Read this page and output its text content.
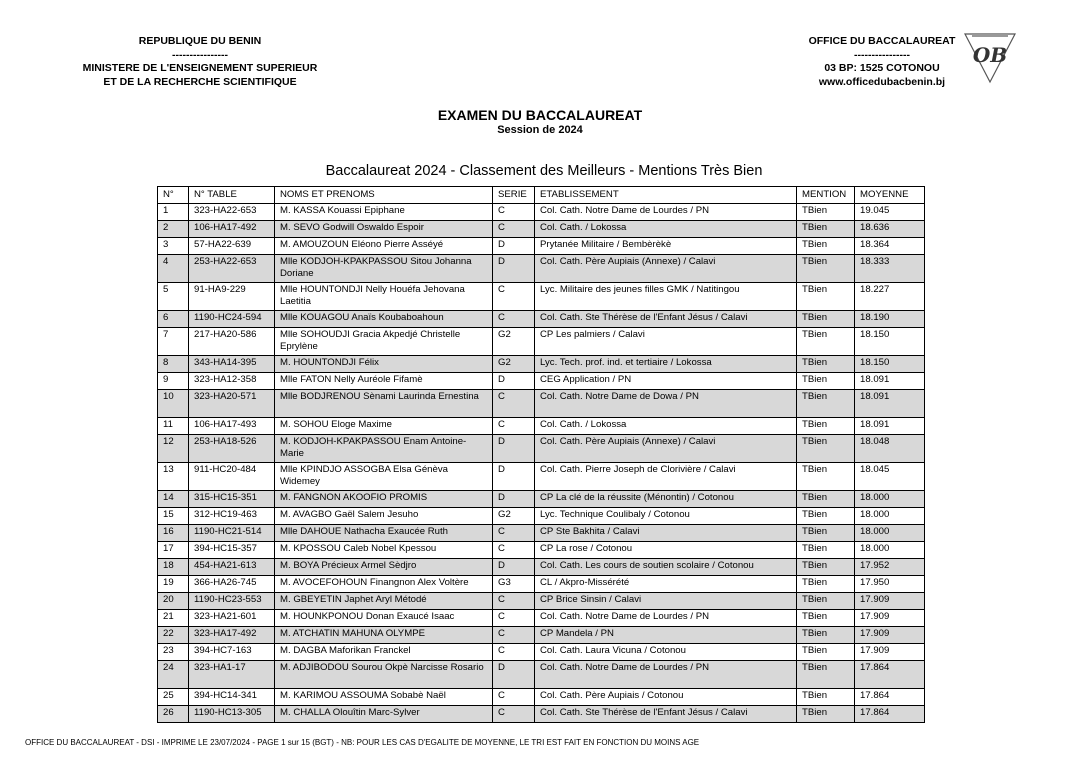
REPUBLIQUE DU BENIN
----------------
MINISTERE DE L'ENSEIGNEMENT SUPERIEUR
ET DE LA RECHERCHE SCIENTIFIQUE
OFFICE DU BACCALAUREAT
----------------
03 BP: 1525 COTONOU
www.officedubacbenin.bj
OB
EXAMEN DU BACCALAUREAT
Session de 2024
Baccalaureat 2024 - Classement des Meilleurs - Mentions Très Bien
N°	N° TABLE	NOMS ET PRENOMS	SERIE	ETABLISSEMENT	MENTION	MOYENNE
1	323-HA22-653	M. KASSA Kouassi Epiphane	C	Col. Cath. Notre Dame de Lourdes / PN	TBien	19.045
2	106-HA17-492	M. SEVO Godwill Oswaldo Espoir	C	Col. Cath. / Lokossa	TBien	18.636
3	57-HA22-639	M. AMOUZOUN Eléono Pierre Asséyé	D	Prytanée Militaire / Bembèrèkè	TBien	18.364
4	253-HA22-653	Mlle KODJOH-KPAKPASSOU Sitou Johanna Doriane	D	Col. Cath. Père Aupiais (Annexe) / Calavi	TBien	18.333
5	91-HA9-229	Mlle HOUNTONDJI Nelly Houéfa Jehovana Laetitia	C	Lyc. Militaire des jeunes filles GMK / Natitingou	TBien	18.227
6	1190-HC24-594	Mlle KOUAGOU Anaïs Koubaboahoun	C	Col. Cath. Ste Thérèse de l'Enfant Jésus / Calavi	TBien	18.190
7	217-HA20-586	Mlle SOHOUDJI Gracia Akpedjé Christelle Eprylène	G2	CP Les palmiers / Calavi	TBien	18.150
8	343-HA14-395	M. HOUNTONDJI Félix	G2	Lyc. Tech. prof. ind. et tertiaire / Lokossa	TBien	18.150
9	323-HA12-358	Mlle FATON Nelly Auréole Fifamè	D	CEG Application / PN	TBien	18.091
10	323-HA20-571	Mlle BODJRENOU Sènami Laurinda Ernestina	C	Col. Cath. Notre Dame de Dowa / PN	TBien	18.091
11	106-HA17-493	M. SOHOU Eloge Maxime	C	Col. Cath. / Lokossa	TBien	18.091
12	253-HA18-526	M. KODJOH-KPAKPASSOU Enam Antoine-Marie	D	Col. Cath. Père Aupiais (Annexe) / Calavi	TBien	18.048
13	911-HC20-484	Mlle KPINDJO ASSOGBA Elsa Génèva Widemey	D	Col. Cath. Pierre Joseph de Clorivière / Calavi	TBien	18.045
14	315-HC15-351	M. FANGNON AKOOFIO PROMIS	D	CP La clé de la réussite (Ménontin) / Cotonou	TBien	18.000
15	312-HC19-463	M. AVAGBO Gaël Salem Jesuho	G2	Lyc. Technique Coulibaly / Cotonou	TBien	18.000
16	1190-HC21-514	Mlle DAHOUE Nathacha Exaucée Ruth	C	CP Ste Bakhita / Calavi	TBien	18.000
17	394-HC15-357	M. KPOSSOU Caleb Nobel Kpessou	C	CP La rose / Cotonou	TBien	18.000
18	454-HA21-613	M. BOYA Précieux Armel Sèdjro	D	Col. Cath. Les cours de soutien scolaire / Cotonou	TBien	17.952
19	366-HA26-745	M. AVOCEFOHOUN Finangnon Alex Voltère	G3	CL / Akpro-Missérété	TBien	17.950
20	1190-HC23-553	M. GBEYETIN Japhet Aryl Métodé	C	CP Brice Sinsin / Calavi	TBien	17.909
21	323-HA21-601	M. HOUNKPONOU Donan Exaucé Isaac	C	Col. Cath. Notre Dame de Lourdes / PN	TBien	17.909
22	323-HA17-492	M. ATCHATIN MAHUNA OLYMPE	C	CP Mandela / PN	TBien	17.909
23	394-HC7-163	M. DAGBA Maforikan Franckel	C	Col. Cath. Laura Vicuna / Cotonou	TBien	17.909
24	323-HA1-17	M. ADJIBODOU Sourou Okpè Narcisse Rosario	D	Col. Cath. Notre Dame de Lourdes / PN	TBien	17.864
25	394-HC14-341	M. KARIMOU ASSOUMA Sobabè Naël	C	Col. Cath. Père Aupiais / Cotonou	TBien	17.864
26	1190-HC13-305	M. CHALLA Olouîtin Marc-Sylver	C	Col. Cath. Ste Thérèse de l'Enfant Jésus / Calavi	TBien	17.864
OFFICE DU BACCALAUREAT - DSI - IMPRIME LE 23/07/2024 - PAGE 1 sur 15 (BGT) - NB: POUR LES CAS D'EGALITE DE MOYENNE, LE TRI EST FAIT EN FONCTION DU MOINS AGE
